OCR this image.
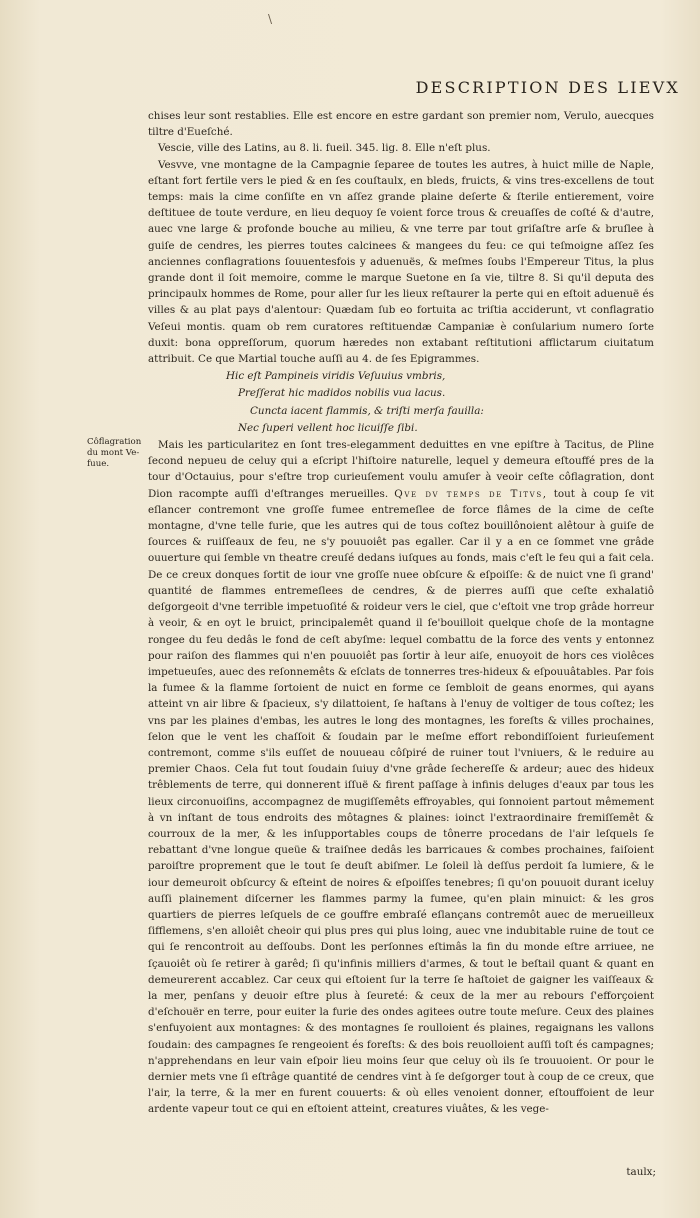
\
DESCRIPTION DES LIEVX
Côflagration du mont Ve-fuue.

chises leur sont restablies. Elle est encore en estre gardant son premier nom, Verulo, auecques tiltre d'Eueſché.

Vescie, ville des Latins, au 8. li. fueil. 345. lig. 8. Elle n'eſt plus.

Vesvve, vne montagne de la Campagnie ſeparee de toutes les autres, à huict mille de Naple, eſtant fort fertile vers le pied & en ſes couſtaulx, en bleds, fruicts, & vins tres-excellens de tout temps: mais la cime conſiſte en vn aſſez grande plaine deſerte & ſterile entierement, voire deſtituee de toute verdure, en lieu dequoy ſe voient force trous & creuaſſes de coſté & d'autre, auec vne large & profonde bouche au milieu, & vne terre par tout griſaſtre arſe & bruſlee à guiſe de cendres, les pierres toutes calcinees & mangees du feu: ce qui teſmoigne aſſez ſes anciennes conflagrations ſouuentesfois y aduenuës, & meſmes ſoubs l'Empereur Titus, la plus grande dont il ſoit memoire, comme le marque Suetone en ſa vie, tiltre 8. Si qu'il deputa des principaulx hommes de Rome, pour aller ſur les lieux reſtaurer la perte qui en eſtoit aduenuë és villes & au plat pays d'alentour: Quædam ſub eo fortuita ac triſtia acciderunt, vt conflagratio Veſeui montis. quam ob rem curatores reſtituendæ Campaniæ è conſularium numero ſorte duxit: bona oppreſſorum, quorum hæredes non extabant reſtitutioni afflictarum ciuitatum attribuit. Ce que Martial touche auſſi au 4. de ſes Epigrammes.

Hic eſt Pampineis viridis Veſuuius vmbris,

Preſſerat hic madidos nobilis vua lacus.

Cuncta iacent flammis, & triſti merſa fauilla:

Nec ſuperi vellent hoc licuiſſe ſibi.

Mais les particularitez en ſont tres-elegamment deduittes en vne epiſtre à Tacitus, de Pline ſecond nepueu de celuy qui a eſcript l'hiſtoire naturelle, lequel y demeura eſtouffé pres de la tour d'Octauius, pour s'eſtre trop curieuſement voulu amuſer à veoir ceſte côflagration, dont Dion racompte auſſi d'eſtranges merueilles. Qve dv temps de Titvs, tout à coup ſe vit eſlancer contremont vne groſſe fumee entremeſlee de force flâmes de la cime de ceſte montagne, d'vne telle furie, que les autres qui de tous coſtez bouillônoient alêtour à guiſe de ſources & ruiſſeaux de feu, ne s'y pouuoiêt pas egaller. Car il y a en ce ſommet vne grâde ouuerture qui ſemble vn theatre creuſé dedans iuſques au fonds, mais c'eſt le feu qui a fait cela. De ce creux donques ſortit de iour vne groſſe nuee obſcure & eſpoiſſe: & de nuict vne ſi grand' quantité de flammes entremeſlees de cendres, & de pierres auſſi que ceſte exhalatiô deſgorgeoit d'vne terrible impetuoſité & roideur vers le ciel, que c'eſtoit vne trop grâde horreur à veoir, & en oyt le bruict, principalemêt quand il ſe'bouilloit quelque choſe de la montagne rongee du feu dedâs le fond de ceſt abyſme: lequel combattu de la force des vents y entonnez pour raiſon des flammes qui n'en pouuoiêt pas ſortir à leur aiſe, enuoyoit de hors ces violêces impetueuſes, auec des reſonnemêts & eſclats de tonnerres tres-hideux & eſpouuâtables. Par fois la fumee & la flamme ſortoient de nuict en forme ce ſembloit de geans enormes, qui ayans atteint vn air libre & ſpacieux, s'y dilattoient, ſe haſtans à l'enuy de voltiger de tous coſtez; les vns par les plaines d'embas, les autres le long des montagnes, les foreſts & villes prochaines, ſelon que le vent les chaſſoit & ſoudain par le meſme effort rebondiſſoient furieuſement contremont, comme s'ils euſſet de nouueau côſpiré de ruiner tout l'vniuers, & le reduire au premier Chaos. Cela fut tout ſoudain ſuiuy d'vne grâde ſechereſſe & ardeur; auec des hideux trêblements de terre, qui donnerent iſſuë & firent paſſage à infinis deluges d'eaux par tous les lieux circonuoiſins, accompagnez de mugiſſemêts effroyables, qui ſonnoient partout mêmement à vn inſtant de tous endroits des môtagnes & plaines: ioinct l'extraordinaire fremiſſemêt & courroux de la mer, & les inſupportables coups de tônerre procedans de l'air leſquels ſe rebattant d'vne longue queüe & traiſnee dedâs les barricaues & combes prochaines, faiſoient paroiſtre proprement que le tout ſe deuſt abiſmer. Le ſoleil là deſſus perdoit ſa lumiere, & le iour demeuroit obſcurcy & eſteint de noires & eſpoiſſes tenebres; ſi qu'on pouuoit durant iceluy auſſi plainement diſcerner les flammes parmy la fumee, qu'en plain minuict: & les gros quartiers de pierres leſquels de ce gouffre embraſé eſlançans contremôt auec de merueilleux ſifflemens, s'en alloiêt cheoir qui plus pres qui plus loing, auec vne indubitable ruine de tout ce qui ſe rencontroit au deſſoubs. Dont les perſonnes eſtimâs la fin du monde eſtre arriuee, ne ſçauoiêt où ſe retirer à garêd; ſi qu'infinis milliers d'armes, & tout le beſtail quant & quant en demeurerent accablez. Car ceux qui eſtoient ſur la terre ſe haſtoiet de gaigner les vaiſſeaux & la mer, penſans y deuoir eſtre plus à ſeureté: & ceux de la mer au rebours ſ'efforçoient d'eſchouër en terre, pour euiter la furie des ondes agitees outre toute meſure. Ceux des plaines s'enfuyoient aux montagnes: & des montagnes ſe roulloient és plaines, regaignans les vallons ſoudain: des campagnes ſe rengeoient és foreſts: & des bois reuolloient auſſi toſt és campagnes; n'apprehendans en leur vain eſpoir lieu moins ſeur que celuy où ils ſe trouuoient. Or pour le dernier mets vne ſi eſtrâge quantité de cendres vint à ſe deſgorger tout à coup de ce creux, que l'air, la terre, & la mer en furent couuerts: & où elles venoient donner, eſtouffoient de leur ardente vapeur tout ce qui en eſtoient atteint, creatures viuâtes, & les vege-

taulx;
